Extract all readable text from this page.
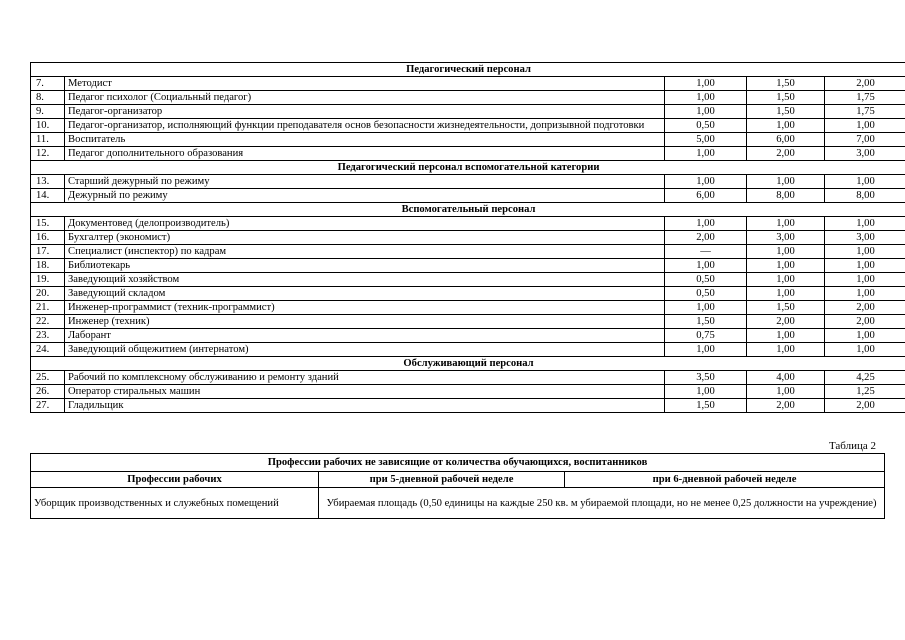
Педагогический персонал				
7.	Методист	1,00	1,50	2,00
8.	Педагог психолог (Социальный педагог)	1,00	1,50	1,75
9.	Педагог-организатор	1,00	1,50	1,75
10.	Педагог-организатор, исполняющий функции преподавателя основ безопасности жизнедеятельности, допризывной подготовки	0,50	1,00	1,00
11.	Воспитатель	5,00	6,00	7,00
12.	Педагог дополнительного образования	1,00	2,00	3,00
Педагогический персонал вспомогательной категории				
13.	Старший дежурный по режиму	1,00	1,00	1,00
14.	Дежурный по режиму	6,00	8,00	8,00
Вспомогательный персонал				
15.	Документовед (делопроизводитель)	1,00	1,00	1,00
16.	Бухгалтер (экономист)	2,00	3,00	3,00
17.	Специалист (инспектор) по кадрам	—	1,00	1,00
18.	Библиотекарь	1,00	1,00	1,00
19.	Заведующий хозяйством	0,50	1,00	1,00
20.	Заведующий складом	0,50	1,00	1,00
21.	Инженер-программист (техник-программист)	1,00	1,50	2,00
22.	Инженер (техник)	1,50	2,00	2,00
23.	Лаборант	0,75	1,00	1,00
24.	Заведующий общежитием (интернатом)	1,00	1,00	1,00
Обслуживающий персонал				
25.	Рабочий по комплексному обслуживанию и ремонту зданий	3,50	4,00	4,25
26.	Оператор стиральных машин	1,00	1,00	1,25
27.	Гладильщик	1,50	2,00	2,00
Таблица 2
Профессии рабочих не зависящие от количества обучающихся, воспитанников		
Профессии рабочих	при 5-дневной рабочей неделе	при 6-дневной рабочей неделе
Уборщик производственных и служебных помещений	Убираемая площадь (0,50 единицы на каждые 250 кв. м убираемой площади, но не менее 0,25 должности на учреждение)	
